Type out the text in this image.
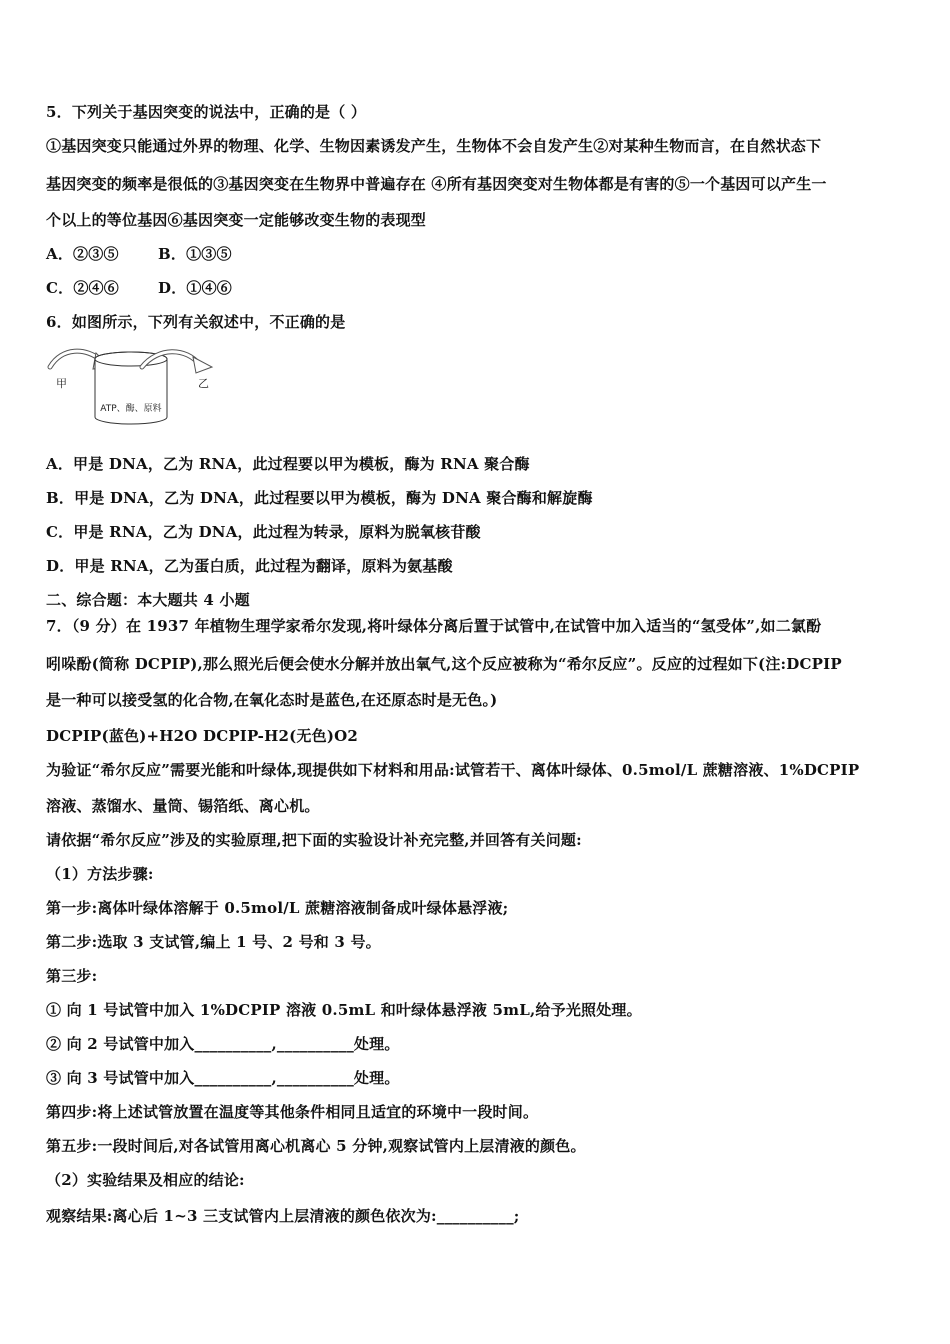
5．下列关于基因突变的说法中，正确的是（ ）
①基因突变只能通过外界的物理、化学、生物因素诱发产生，生物体不会自发产生②对某种生物而言，在自然状态下
基因突变的频率是很低的③基因突变在生物界中普遍存在 ④所有基因突变对生物体都是有害的⑤一个基因可以产生一
个以上的等位基因⑥基因突变一定能够改变生物的表现型
A．②③⑤	B．①③⑤
C．②④⑥	D．①④⑥
6．如图所示，下列有关叙述中，不正确的是
甲	乙
ATP、酶、原料
A．甲是 DNA，乙为 RNA，此过程要以甲为模板，酶为 RNA 聚合酶
B．甲是 DNA，乙为 DNA，此过程要以甲为模板，酶为 DNA 聚合酶和解旋酶
C．甲是 RNA，乙为 DNA，此过程为转录，原料为脱氧核苷酸
D．甲是 RNA，乙为蛋白质，此过程为翻译，原料为氨基酸
二、综合题：本大题共 4 小题
7．（9 分）在 1937 年植物生理学家希尔发现,将叶绿体分离后置于试管中,在试管中加入适当的“氢受体”,如二氯酚
吲哚酚(简称 DCPIP),那么照光后便会使水分解并放出氧气,这个反应被称为“希尔反应”。反应的过程如下(注:DCPIP
是一种可以接受氢的化合物,在氧化态时是蓝色,在还原态时是无色。)
DCPIP(蓝色)+H2O DCPIP-H2(无色)O2
为验证“希尔反应”需要光能和叶绿体,现提供如下材料和用品:试管若干、离体叶绿体、0.5mol/L 蔗糖溶液、1%DCPIP
溶液、蒸馏水、量筒、锡箔纸、离心机。
请依据“希尔反应”涉及的实验原理,把下面的实验设计补充完整,并回答有关问题:
（1）方法步骤:
第一步:离体叶绿体溶解于 0.5mol/L 蔗糖溶液制备成叶绿体悬浮液;
第二步:选取 3 支试管,编上 1 号、2 号和 3 号。
第三步:
① 向 1 号试管中加入 1%DCPIP 溶液 0.5mL 和叶绿体悬浮液 5mL,给予光照处理。
② 向 2 号试管中加入__________,__________处理。
③ 向 3 号试管中加入__________,__________处理。
第四步:将上述试管放置在温度等其他条件相同且适宜的环境中一段时间。
第五步:一段时间后,对各试管用离心机离心 5 分钟,观察试管内上层清液的颜色。
（2）实验结果及相应的结论:
观察结果:离心后 1~3 三支试管内上层清液的颜色依次为:__________;
